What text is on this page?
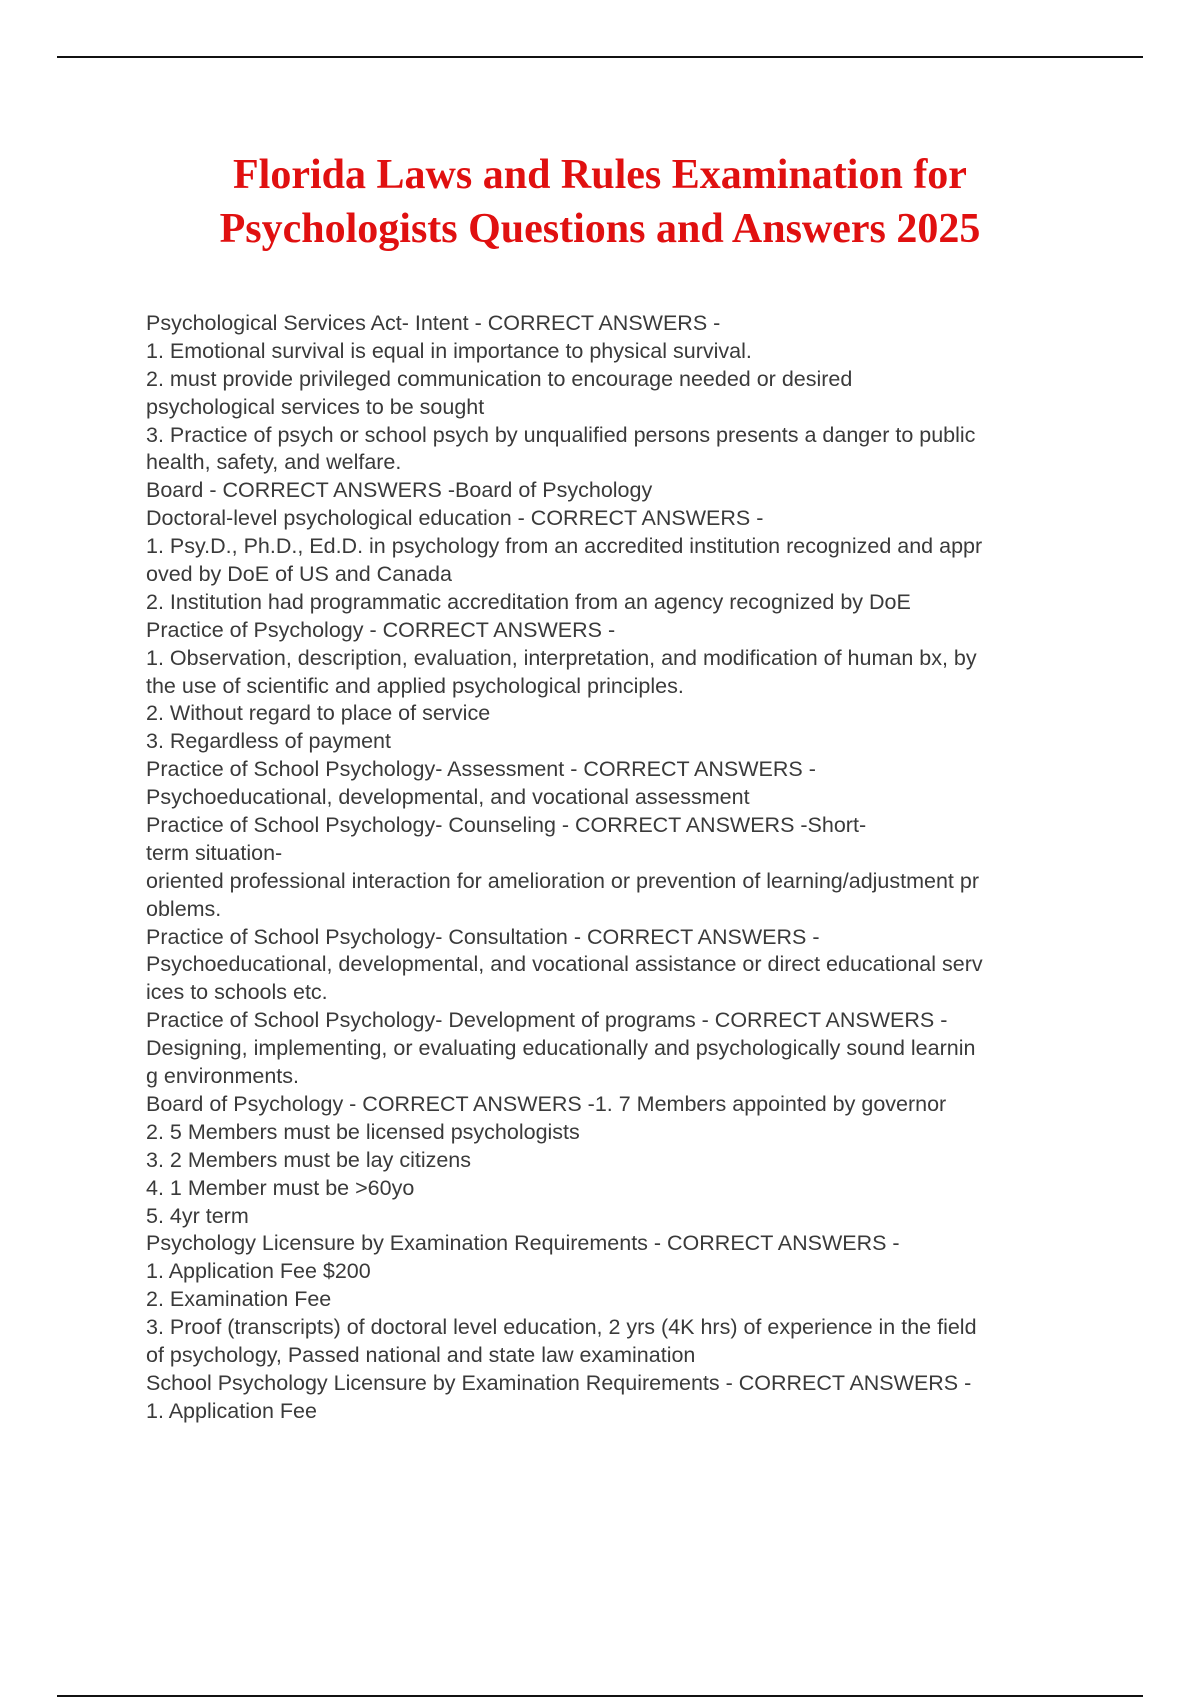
Florida Laws and Rules Examination for
Psychologists Questions and Answers 2025
Psychological Services Act- Intent - CORRECT ANSWERS -
1. Emotional survival is equal in importance to physical survival.
2. must provide privileged communication to encourage needed or desired
psychological services to be sought
3. Practice of psych or school psych by unqualified persons presents a danger to public
health, safety, and welfare.
Board - CORRECT ANSWERS -Board of Psychology
Doctoral-level psychological education - CORRECT ANSWERS -
1. Psy.D., Ph.D., Ed.D. in psychology from an accredited institution recognized and appr
oved by DoE of US and Canada
2. Institution had programmatic accreditation from an agency recognized by DoE
Practice of Psychology - CORRECT ANSWERS -
1. Observation, description, evaluation, interpretation, and modification of human bx, by
the use of scientific and applied psychological principles.
2. Without regard to place of service
3. Regardless of payment
Practice of School Psychology- Assessment - CORRECT ANSWERS -
Psychoeducational, developmental, and vocational assessment
Practice of School Psychology- Counseling - CORRECT ANSWERS -Short-
term situation-
oriented professional interaction for amelioration or prevention of learning/adjustment pr
oblems.
Practice of School Psychology- Consultation - CORRECT ANSWERS -
Psychoeducational, developmental, and vocational assistance or direct educational serv
ices to schools etc.
Practice of School Psychology- Development of programs - CORRECT ANSWERS -
Designing, implementing, or evaluating educationally and psychologically sound learnin
g environments.
Board of Psychology - CORRECT ANSWERS -1. 7 Members appointed by governor
2. 5 Members must be licensed psychologists
3. 2 Members must be lay citizens
4. 1 Member must be >60yo
5. 4yr term
Psychology Licensure by Examination Requirements - CORRECT ANSWERS -
1. Application Fee $200
2. Examination Fee
3. Proof (transcripts) of doctoral level education, 2 yrs (4K hrs) of experience in the field
of psychology, Passed national and state law examination
School Psychology Licensure by Examination Requirements - CORRECT ANSWERS -
1. Application Fee
